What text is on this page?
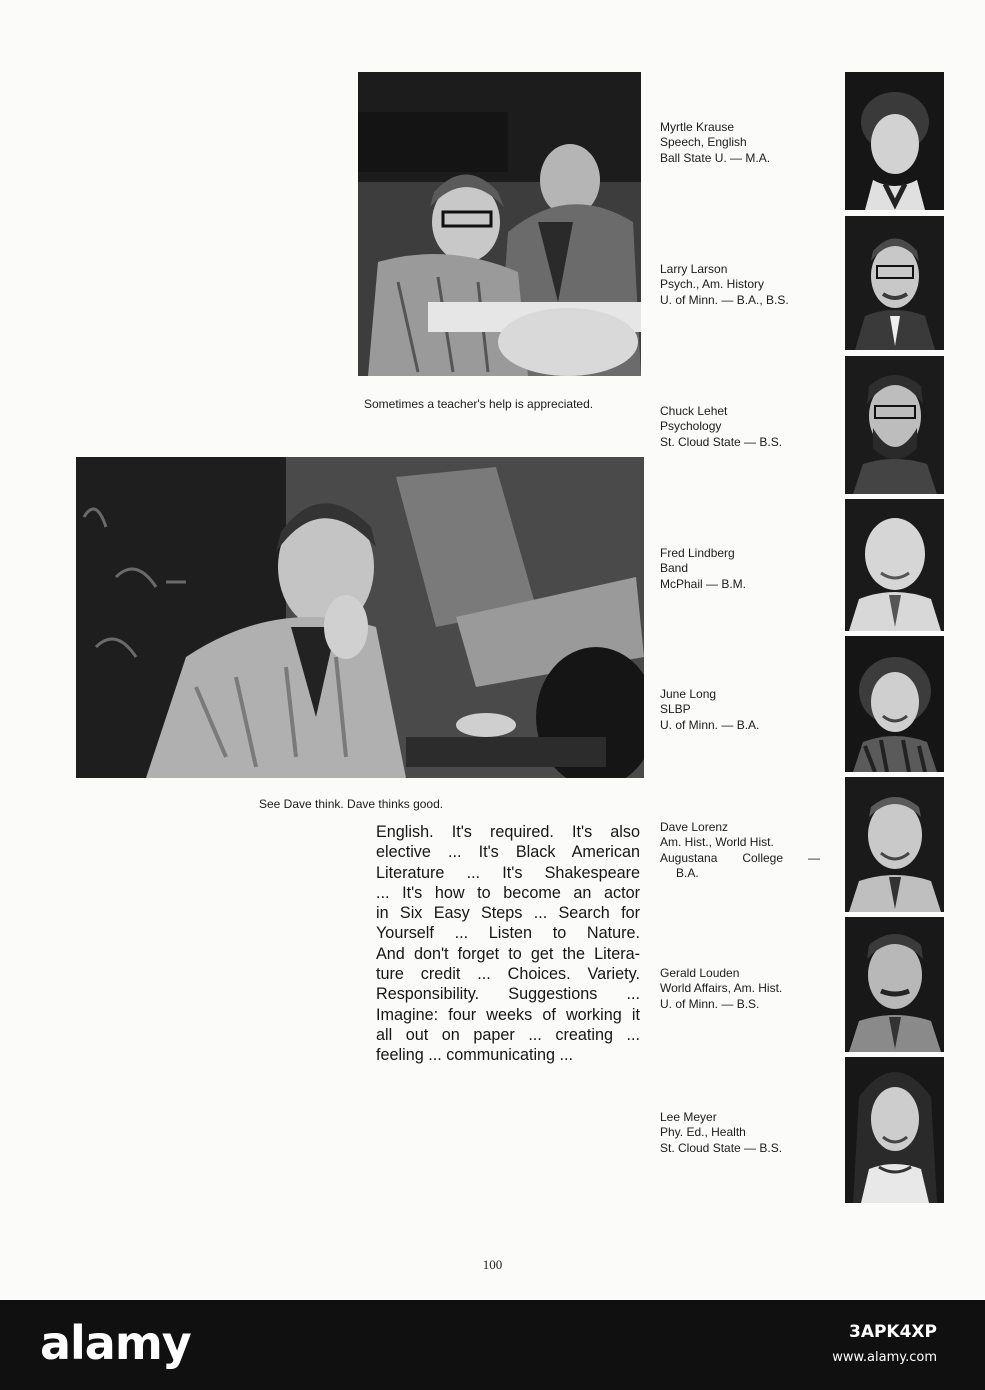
Sometimes a teacher's help is appreciated.
See Dave think. Dave thinks good.
English. It's required. It's also
elective ... It's Black American
Literature ... It's Shakespeare
... It's how to become an actor
in Six Easy Steps ... Search for
Yourself ... Listen to Nature.
And don't forget to get the Litera-
ture credit ... Choices. Variety.
Responsibility. Suggestions ...
Imagine: four weeks of working it
all out on paper ... creating ...
feeling ... communicating ...
Myrtle Krause
Speech, English
Ball State U. — M.A.
Larry Larson
Psych., Am. History
U. of Minn. — B.A., B.S.
Chuck Lehet
Psychology
St. Cloud State — B.S.
Fred Lindberg
Band
McPhail — B.M.
June Long
SLBP
U. of Minn. — B.A.
Dave Lorenz
Am. Hist., World Hist.
Augustana College —
B.A.
Gerald Louden
World Affairs, Am. Hist.
U. of Minn. — B.S.
Lee Meyer
Phy. Ed., Health
St. Cloud State — B.S.
100
alamy	3APK4XP
www.alamy.com
